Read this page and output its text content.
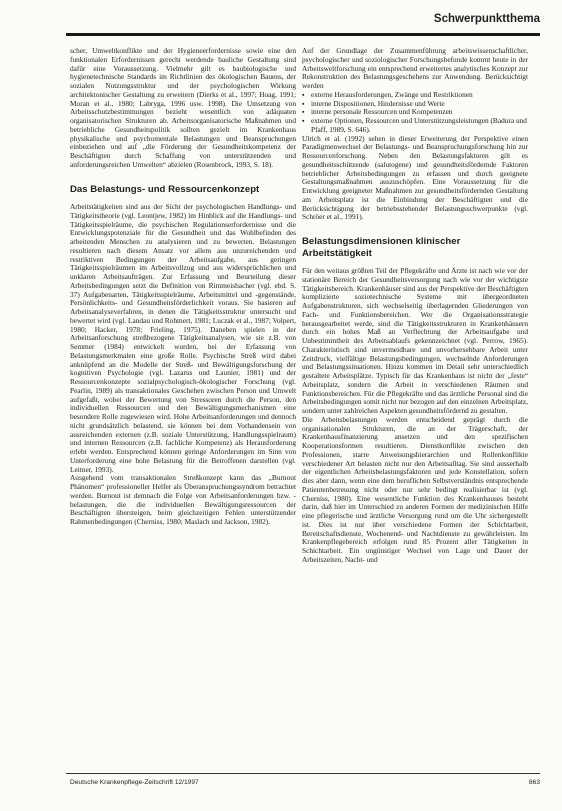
Schwerpunktthema

scher, Umweltkonflikte und der Hygieneerfordernisse sowie eine den funktionalen Erfordernissen gerecht werdende bauliche Gestaltung sind dafür eine Voraussetzung. Vielmehr gilt es baubiologische und hygienetechnische Standards im Richtlinien des ökologischen Bauens, der sozialen Nutzungsstruktur und der psychologischen Wirkung architektonischer Gestaltung zu erweitern (Dierks et al., 1997; Hoag, 1991; Moran et al., 1980; Labryga, 1996 usw. 1998). Die Umsetzung von Arbeitsschutzbestimmungen bezieht wesentlich von adäquaten organisatorischen Strukturen ab. Arbeitsorganisatorische Maßnahmen und betriebliche Gesundheitspolitik sollten gezielt im Krankenhaus physikalische und psychomentale Belastungen und Beanspruchungen einbeziehen und auf „die Förderung der Gesundheitskompetenz der Beschäftigten durch Schaffung von unterstützenden und anforderungsreichen Umwelten“ abzielen (Rosenbrock, 1993, S. 18).

Das Belastungs- und Ressourcenkonzept

Arbeitstätigkeiten sind aus der Sicht der psychologischen Handlungs- und Tätigkeitstheorie (vgl. Leontjew, 1982) im Hinblick auf die Handlungs- und Tätigkeitsspielräume, die psychischen Regulationserfordernisse und die Entwicklungspotenziale für die Gesundheit und das Wohlbefinden des arbeitenden Menschen zu analysieren und zu bewerten. Belastungen resultieren nach diesem Ansatz vor allem aus unzureichenden und restriktiven Bedingungen der Arbeitsaufgabe, aus geringen Tätigkeitsspielräumen im Arbeitsvollzug und aus widersprüchlichen und unklaren Arbeitsaufträgen. Zur Erfassung und Beurteilung dieser Arbeitsbedingungen setzt die Definition von Rimmeisbacher (vgl. ebd. S. 37) Aufgabenarten, Tätigkeitsspielräume, Arbeitsmittel und -gegenstände, Persönlichkeits- und Gesundheitsförderlichkeit voraus. Sie basieren auf Arbeitsanalyseverfahren, in denen die Tätigkeitsstruktur untersucht und bewertet wird (vgl. Landau und Rohmert, 1981; Luczak et al., 1987; Volpert, 1980; Hacker, 1978; Frieling, 1975). Daneben spielen in der Arbeitsanforschung streßbezogene Tätigkeitsanalysen, wie sie z.B. von Semmer (1984) entwickelt wurden, bei der Erfassung von Belastungsmerkmalen eine große Rolle. Psychische Streß wird dabei anknüpfend an die Modelle der Streß- und Bewältigungsforschung der kognitiven Psychologie (vgl. Lazarus und Launier, 1981) und der Ressourcenkonzepte sozialpsychologisch-ökologischer Forschung (vgl. Pearlin, 1989) als transaktionales Geschehen zwischen Person und Umwelt aufgefaßt, wobei der Bewertung von Stressoren durch die Person, den individuellen Ressourcen und den Bewältigungsmechanismen eine besondere Rolle zugewiesen wird. Hohe Arbeitsanforderungen und dennoch nicht grundsätzlich belastend, sie können bei dem Vorhandensein von ausreichenden externen (z.B. soziale Unterstützung, Handlungsspielraum) und internen Ressourcen (z.B. fachliche Kompetenz) als Herausforderung erlebt werden. Entsprechend können geringe Anforderungen im Sinn von Unterforderung eine hohe Belastung für die Betroffenen darstellen (vgl. Leitner, 1993).

Ausgehend vom transaktionalen Streßkonzept kann das „Burnout Phänomen“ professioneller Helfer als Überanspruchungssyndrom betrachtet werden. Burnout ist demnach die Folge von Arbeitsanforderungen bzw. -belastungen, die die individuellen Bewältigungsressourcen der Beschäftigten übersteigen, beim gleichzeitigen Fehlen unterstützender Rahmenbedingungen (Cherniss, 1980; Maslach und Jackson, 1982).

Auf der Grundlage der Zusammenführung arbeitswissenschaftlicher, psychologischer und soziologischer Forschungsbefunde kommt heute in der Arbeitsweltforschung ein entsprechend erweitertes analytisches Konzept zur Rekonstruktion des Belastungsgeschehens zur Anwendung. Berücksichtigt werden

▪ externe Herausforderungen, Zwänge und Restriktionen
▪ interne Dispositionen, Hindernisse und Werte
▪ interne personale Ressourcen und Kompetenzen
▪ externe Optionen, Ressourcen und Unterstützungsleistungen (Badura und Pfaff, 1989, S. 646).

Ulrich et al. (1992) sehen in dieser Erweiterung der Perspektive einen Paradigmenwechsel der Belastungs- und Beanspruchungsforschung hin zur Ressourcenforschung. Neben den Belastungsfaktoren gilt es gesundheitsschützende (salutogene) und gesundheitsfördernde Faktoren betrieblicher Arbeitsbedingungen zu erfassen und durch geeignete Gestaltungsmaßnahmen auszuschöpfen. Eine Voraussetzung für die Entwicklung geeigneter Maßnahmen zur gesundheitsfördernden Gestaltung am Arbeitsplatz ist die Einbindung der Beschäftigten und die Berücksichtigung der betriebsstehender Belastungsschwerpunkte (vgl. Schröer et al., 1991).

Belastungsdimensionen klinischer Arbeitstätigkeit

Für den weitaus größten Teil der Pflegekräfte und Ärzte ist nach wie vor der stationäre Bereich der Gesundheitsversorgung nach wie vor der wichtigste Tätigkeitsbereich. Krankenhäuser sind aus der Perspektive der Beschäftigten komplizierte soziotechnische Systeme mit übergeordneten Aufgabenstrukturen, sich wechselseitig überlagernden Gliederungen von Fach- und Funktionsbereichen. Wer die Organisationsstrategie herausgearbeitet werde, sind die Tätigkeitsstrukturen in Krankenhäusern durch ein hohes Maß an Verflechtung der Arbeitsaufgabe und Unbestimmtheit des Arbeitsablaufs gekennzeichnet (vgl. Perrow, 1965). Charakteristisch sind unvermeidbare und unvorhersehbare Arbeit unter Zeitdruck, vielfältige Belastungsbedingungen, wechselnde Anforderungen und Belastungssituationen. Hinzu kommen im Detail sehr unterschiedlich gestaltete Arbeitsplätze. Typisch für das Krankenhaus ist nicht der „feste“ Arbeitsplatz, sondern die Arbeit in verschiedenen Räumen und Funktionsbereichen. Für die Pflegekräfte und das ärztliche Personal sind die Arbeitsbedingungen somit nicht nur bezogen auf den einzelnen Arbeitsplatz, sondern unter zahlreichen Aspekten gesundheitsfördernd zu gestalten.

Die Arbeitsbelastungen werden entscheidend geprägt durch die organisationalen Strukturen, die an der Trägerschaft, der Krankenhausfinanzierung ansetzen und den spezifischen Kooperationsformen resultieren. Dienstkonflikte zwischen den Professionen, starre Anweisungshierarchien und Rollenkonflikte verschiedener Art belasten nicht nur den Arbeitsalltag. Sie sind ausserhalb der eigentlichen Arbeitsbelastungsfaktoren und jede Konstellation, sofern dies aber dann, wenn eine dem beruflichen Selbstverständnis entsprechende Patientenbetreuung nicht oder nur sehr bedingt realisierbar ist (vgl. Cherniss, 1980). Eine wesentliche Funktion des Krankenhauses besteht darin, daß hier im Unterschied zu anderen Formen der medizinischen Hilfe eine pflegerische und ärztliche Versorgung rund um die Uhr sichergestellt ist. Dies ist nur über verschiedene Formen der Schichtarbeit, Bereitschaftsdienste, Wochenend- und Nachtdienste zu gewährleisten. Im Krankenpflegebereich erfolgen rund 85 Prozent aller Tätigkeiten in Schichtarbeit. Ein ungünstiger Wechsel von Lage und Dauer der Arbeitszeiten, Nacht- und

Deutsche Krankenpflege-Zeitschrift 12/1997	863
